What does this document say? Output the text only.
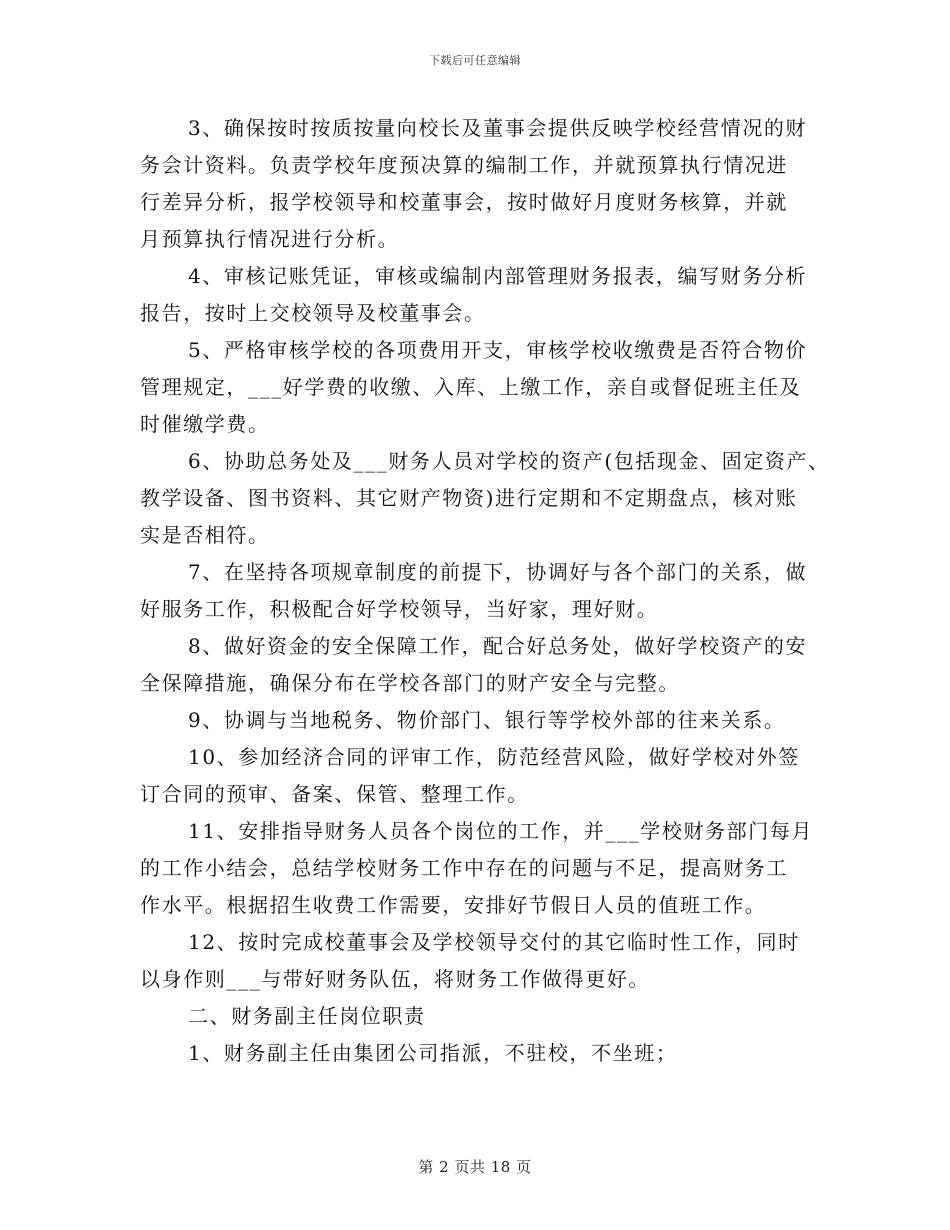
下载后可任意编辑
3、确保按时按质按量向校长及董事会提供反映学校经营情况的财
务会计资料。负责学校年度预决算的编制工作，并就预算执行情况进
行差异分析，报学校领导和校董事会，按时做好月度财务核算，并就
月预算执行情况进行分析。
4、审核记账凭证，审核或编制内部管理财务报表，编写财务分析
报告，按时上交校领导及校董事会。
5、严格审核学校的各项费用开支，审核学校收缴费是否符合物价
管理规定，___好学费的收缴、入库、上缴工作，亲自或督促班主任及
时催缴学费。
6、协助总务处及___财务人员对学校的资产(包括现金、固定资产、
教学设备、图书资料、其它财产物资)进行定期和不定期盘点，核对账
实是否相符。
7、在坚持各项规章制度的前提下，协调好与各个部门的关系，做
好服务工作，积极配合好学校领导，当好家，理好财。
8、做好资金的安全保障工作，配合好总务处，做好学校资产的安
全保障措施，确保分布在学校各部门的财产安全与完整。
9、协调与当地税务、物价部门、银行等学校外部的往来关系。
10、参加经济合同的评审工作，防范经营风险，做好学校对外签
订合同的预审、备案、保管、整理工作。
11、安排指导财务人员各个岗位的工作，并___学校财务部门每月
的工作小结会，总结学校财务工作中存在的问题与不足，提高财务工
作水平。根据招生收费工作需要，安排好节假日人员的值班工作。
12、按时完成校董事会及学校领导交付的其它临时性工作，同时
以身作则___与带好财务队伍，将财务工作做得更好。
二、财务副主任岗位职责
1、财务副主任由集团公司指派，不驻校，不坐班；
第 2 页共 18 页
